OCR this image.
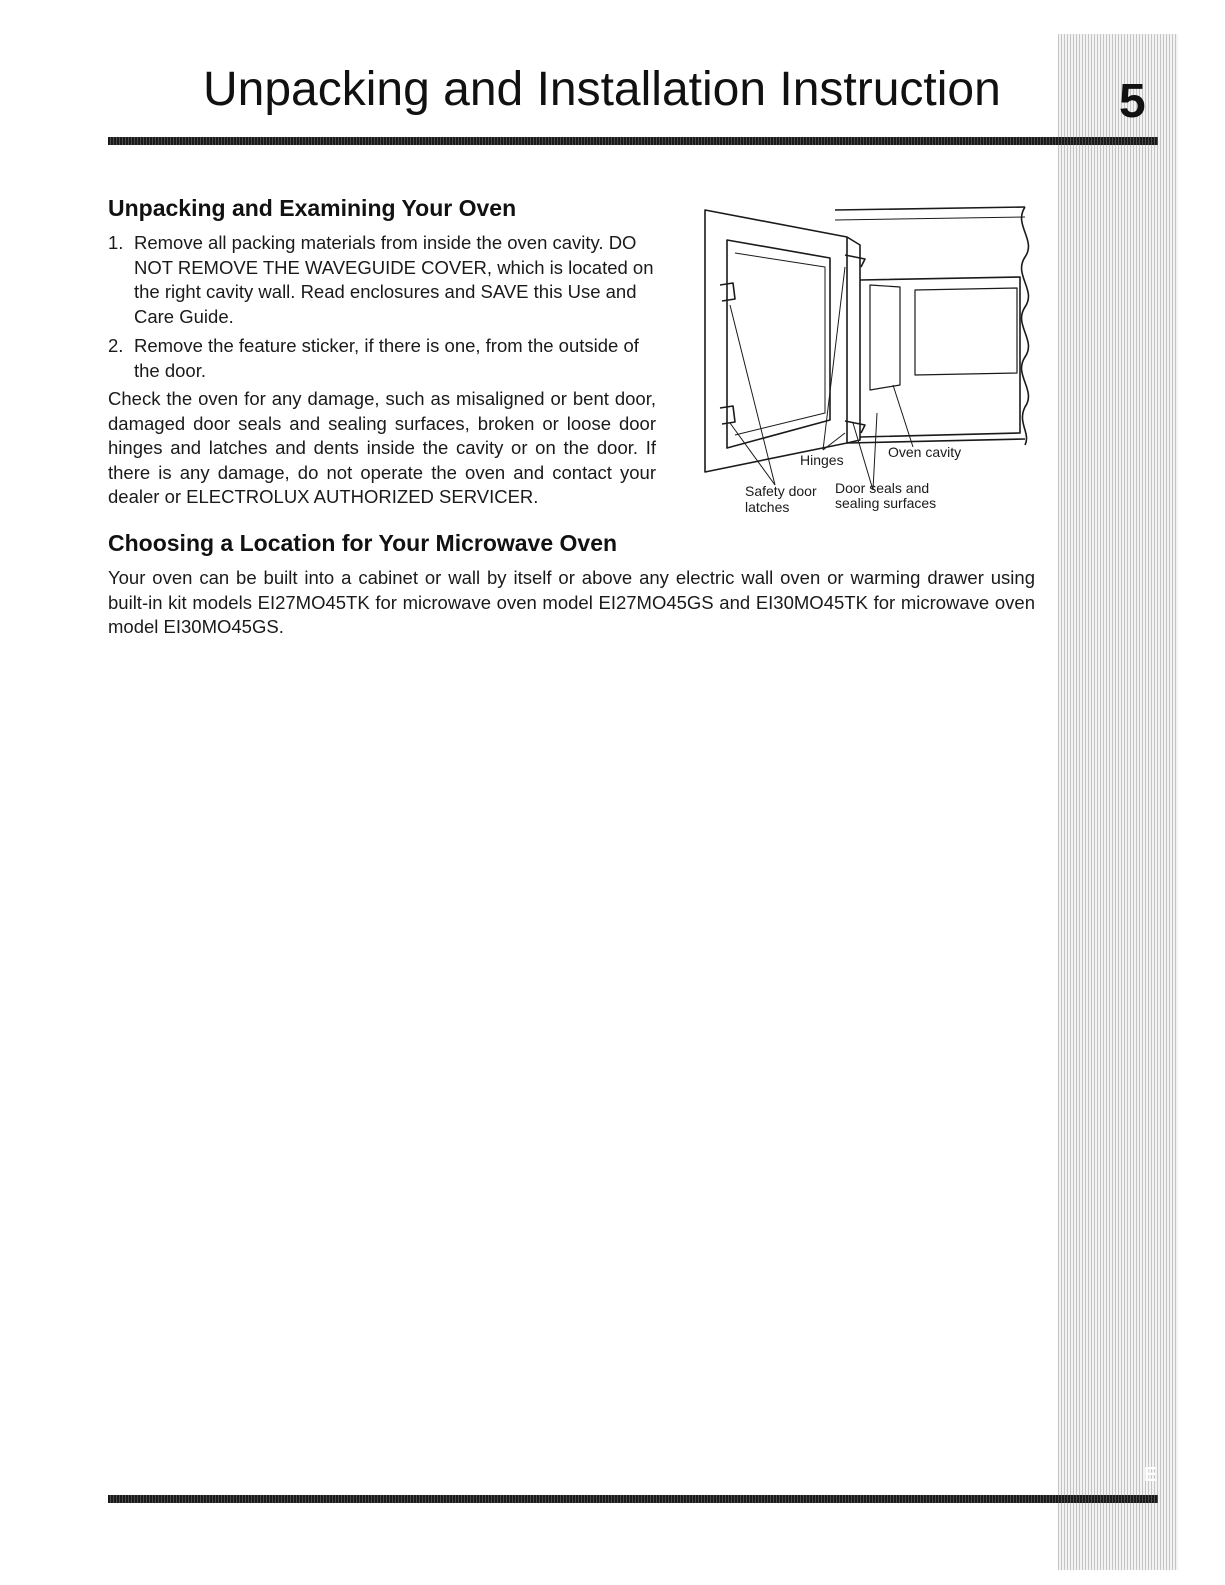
Unpacking and Installation Instruction 5
Unpacking and Examining Your Oven
1. Remove all packing materials from inside the oven cavity. DO NOT REMOVE THE WAVEGUIDE COVER, which is located on the right cavity wall. Read enclosures and SAVE this Use and Care Guide.
2. Remove the feature sticker, if there is one, from the outside of the door.

Check the oven for any damage, such as misaligned or bent door, damaged door seals and sealing surfaces, broken or loose door hinges and latches and dents inside the cavity or on the door. If there is any damage, do not operate the oven and contact your dealer or ELECTROLUX AUTHORIZED SERVICER.

Hinges	Oven cavity
Safety door
latches
Door seals and
sealing surfaces
Choosing a Location for Your Microwave Oven

Your oven can be built into a cabinet or wall by itself or above any electric wall oven or warming drawer using built-in kit models EI27MO45TK for microwave oven model EI27MO45GS and EI30MO45TK for microwave oven model EI30MO45GS.

E
